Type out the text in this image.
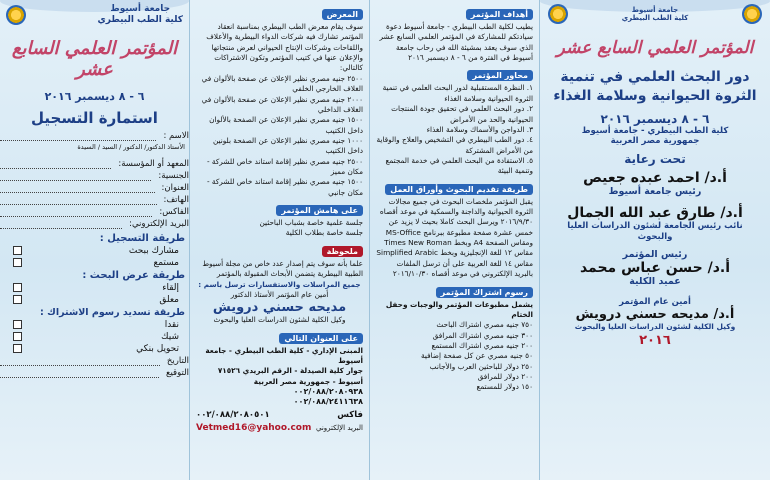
جامعة أسيوط
كلية الطب البيطري
المؤتمر العلمي السابع عشر
٦ - ٨ ديسمبر ٢٠١٦
استمارة التسجيل
الاسم :
الأستاذ الدكتور/ الدكتور / السيد / السيدة
المعهد أو المؤسسة:
الجنسية:
العنوان:
الهاتف:
الفاكس:
البريد الإلكتروني:
طريقة التسجيل :
مشارك ببحث
مستمع
طريقة عرض البحث :
إلقاء
معلق
طريقة تسديد رسوم الاشتراك :
نقدا
شيك
تحويل بنكي
التاريخ
التوقيع
المعرض
سوف يقام معرض الطب البيطري بمناسبة انعقاد المؤتمر تشارك فيه شركات الدواء البيطرية والأعلاف واللقاحات وشركات الإنتاج الحيواني لعرض منتجاتها والإعلان عنها في كتيب المؤتمر وتكون الاشتراكات كالتالي:
٢٥٠٠ جنيه مصري نظير الإعلان عن صفحة بالألوان في الغلاف الخارجي الخلفي
٢٠٠٠ جنيه مصري نظير الإعلان عن صفحة بالألوان في الغلاف الداخلي
١٥٠٠ جنيه مصري نظير الإعلان عن الصفحة بالألوان داخل الكتيب
١٠٠٠ جنيه مصري نظير الإعلان عن الصفحة بلونين داخل الكتيب
٢٥٠٠ جنيه مصري نظير إقامة استاند خاص للشركة - مكان مميز
١٥٠٠ جنيه مصري نظير إقامة استاند خاص للشركة - مكان جانبي
على هامش المؤتمر
جلسة علمية خاصة بشباب الباحثين
جلسة خاصة بطلاب الكلية
ملحوظة
علما بأنه سوف يتم إصدار عدد خاص من مجلة أسيوط الطبية البيطرية يتضمن الأبحاث المقبولة بالمؤتمر
جميع المراسلات والاستفسارات ترسل باسم :
أمين عام المؤتمر الأستاذ الدكتور
مديحه حسني درويش
وكيل الكلية لشئون الدراسات العليا والبحوث
على العنوان التالي
المبنى الإداري - كلية الطب البيطري - جامعة أسيوط
جوار كلية الصيدلة - الرقم البريدي ٧١٥٢٦
أسيوط - جمهورية مصر العربية
٠٠٢/٠٨٨/٢٠٨٠٩٣٨
٠٠٢/٠٨٨/٢٤١١٦٣٨
فاكس
٠٠٢/٠٨٨/٢٠٨٠٥٠١
البريد الإلكتروني
Vetmed16@yahoo.com
أهداف المؤتمر
يطيب لكلية الطب البيطري - جامعة أسيوط دعوة سيادتكم للمشاركة في المؤتمر العلمي السابع عشر الذي سوف يعقد بمشيئة الله في رحاب جامعة أسيوط في الفترة من ٦ - ٨ ديسمبر ٢٠١٦
محاور المؤتمر
١. النظرة المستقبلية لدور البحث العلمي في تنمية الثروة الحيوانية وسلامة الغذاء
٢. دور البحث العلمي في تحقيق جودة المنتجات الحيوانية والحد من الأمراض
٣. الدواجن والأسماك وسلامة الغذاء
٤. دور الطب البيطري في التشخيص والعلاج والوقاية من الأمراض المشتركة
٥. الاستفادة من البحث العلمي في خدمة المجتمع وتنمية البيئة
طريقة تقديم البحوث وأوراق العمل
يقبل المؤتمر ملخصات البحوث في جميع مجالات الثروة الحيوانية والداجنة والسمكية في موعد أقصاه ٢٠١٦/٩/٣٠ ويرسل البحث كاملا بحيث لا يزيد عن خمس عشرة صفحة مطبوعة ببرنامج MS-Office ومقاس الصفحة A4 وبخط Times New Roman مقاس ١٢ للغة الإنجليزية وبخط Simplified Arabic مقاس ١٤ للغة العربية على أن ترسل الملفات بالبريد الإلكتروني في موعد أقصاه ٢٠١٦/١٠/٣٠
رسوم اشتراك المؤتمر
يشمل مطبوعات المؤتمر والوجبات وحفل الختام
٧٥٠ جنيه مصري اشتراك الباحث
٣٠٠ جنيه مصري اشتراك المرافق
٢٠٠ جنيه مصري اشتراك المستمع
٥٠ جنيه مصري عن كل صفحة إضافية
٢٥٠ دولار للباحثين العرب والأجانب
٢٠٠ دولار للمرافق
١٥٠ دولار للمستمع
جامعة أسيوط
كلية الطب البيطري
المؤتمر العلمي السابع عشر
دور البحث العلمي في تنمية الثروة الحيوانية وسلامة الغذاء
٦ - ٨ ديسمبر ٢٠١٦
كلية الطب البيطري - جامعة أسيوط
جمهورية مصر العربية
تحت رعاية
أ.د/ احمد عبده جعيص
رئيس جامعة أسيوط
أ.د/ طارق عبد الله الجمال
نائب رئيس الجامعة لشئون الدراسات العليا والبحوث
رئيس المؤتمر
أ.د/ حسن عباس محمد
عميد الكلية
أمين عام المؤتمر
أ.د/ مديحه حسني درويش
وكيل الكلية لشئون الدراسات العليا والبحوث
٢٠١٦
